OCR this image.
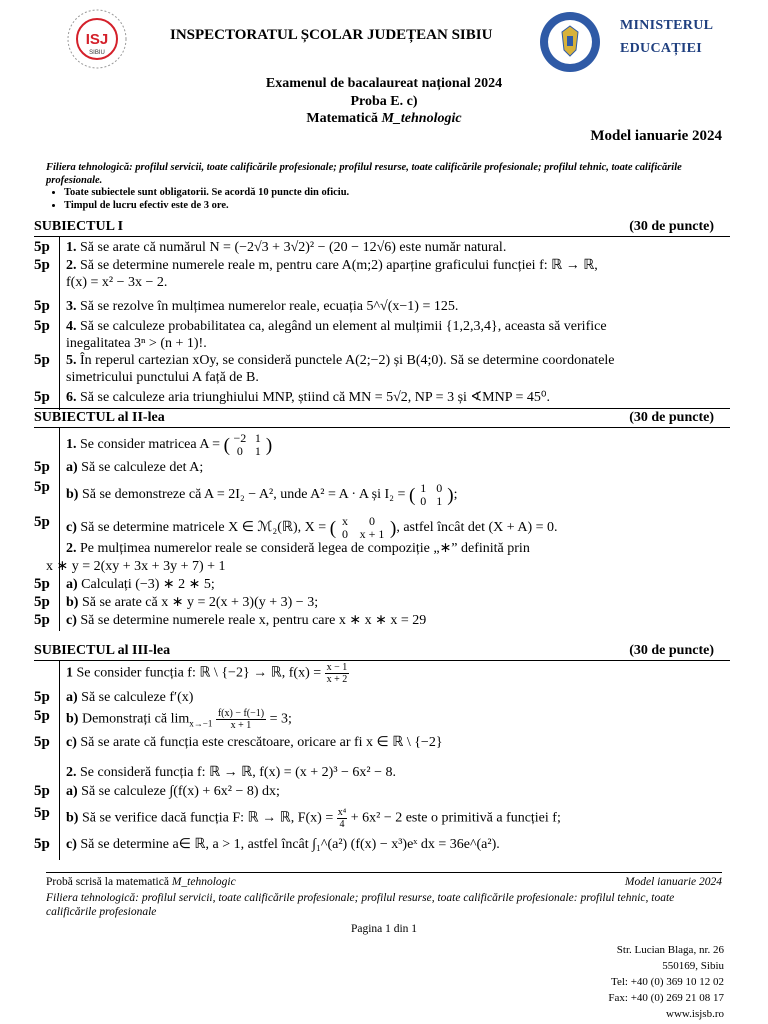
ISJ
SIBIU
INSPECTORATUL ȘCOLAR JUDEȚEAN SIBIU
MINISTERUL
EDUCAȚIEI
Examenul de bacalaureat național 2024
Proba E. c)
Matematică M_tehnologic
Model ianuarie 2024
Filiera tehnologică: profilul servicii, toate calificările profesionale; profilul resurse, toate calificările profesionale; profilul tehnic, toate calificările profesionale.
• Toate subiectele sunt obligatorii. Se acordă 10 puncte din oficiu.
• Timpul de lucru efectiv este de 3 ore.
SUBIECTUL I	(30 de puncte)
5p 1. Să se arate că numărul N = (−2√3 + 3√2)² − (20 − 12√6) este număr natural.
5p 2. Să se determine numerele reale m, pentru care A(m;2) aparține graficului funcției f: ℝ → ℝ,
f(x) = x² − 3x − 2.
5p 3. Să se rezolve în mulțimea numerelor reale, ecuația 5^√(x−1) = 125.
5p 4. Să se calculeze probabilitatea ca, alegând un element al mulțimii {1,2,3,4}, aceasta să verifice
inegalitatea 3ⁿ > (n + 1)!.
5p 5. În reperul cartezian xOy, se consideră punctele A(2;−2) și B(4;0). Să se determine coordonatele
simetricului punctului A față de B.
5p 6. Să se calculeze aria triunghiului MNP, știind că MN = 5√2, NP = 3 și ∢MNP = 45⁰.
SUBIECTUL al II-lea	(30 de puncte)
1. Se consider matricea A = ( −2 1
0	1 )
5p a) Să se calculeze det A;
5p b) Să se demonstreze că A = 2I₂ − A², unde A² = A · A și I₂ = ( 1 0
0 1 );
5p c) Să se determine matricele X ∈ ℳ₂(ℝ), X = ( x	0
0 x + 1 ), astfel încât det (X + A) = 0.
2. Pe mulțimea numerelor reale se consideră legea de compoziție „∗” definită prin
x ∗ y = 2(xy + 3x + 3y + 7) + 1
5p a) Calculați (−3) ∗ 2 ∗ 5;
5p b) Să se arate că x ∗ y = 2(x + 3)(y + 3) − 3;
5p c) Să se determine numerele reale x, pentru care x ∗ x ∗ x = 29
SUBIECTUL al III-lea	(30 de puncte)
1 Se consider funcția f: ℝ \ {−2} → ℝ, $f(x) = \frac{x - 1}{x + 2}$
5p a) Să se calculeze f′(x)
5p b) Demonstrați că $\lim_{x\to-1} \frac{f(x) - f(-1)}{x + 1} = 3$;
5p c) Să se arate că funcția este crescătoare, oricare ar fi x ∈ ℝ \ {−2}
2. Se consideră funcția f: ℝ → ℝ, f(x) = (x + 2)³ − 6x² − 8.
5p a) Să se calculeze ∫(f(x) + 6x² − 8) dx;
5p b) Să se verifice dacă funcția F: ℝ → ℝ, $F(x) = \frac{\text{x⁴}}{4} + 6x^2 - 2$ este o primitivă a funcției f;
5p c) Să se determine a∈ ℝ, a > 1, astfel încât ∫₁^(a²) (f(x) − x³)eˣ dx = 36e^(a²).
Probă scrisă la matematică M_tehnologic	Model ianuarie 2024
Filiera tehnologică: profilul servicii, toate calificările profesionale; profilul resurse, toate calificările profesionale: profilul tehnic, toate calificările profesionale
Pagina 1 din 1
Str. Lucian Blaga, nr. 26
550169, Sibiu
Tel: +40 (0) 369 10 12 02
Fax: +40 (0) 269 21 08 17
www.isjsb.ro
